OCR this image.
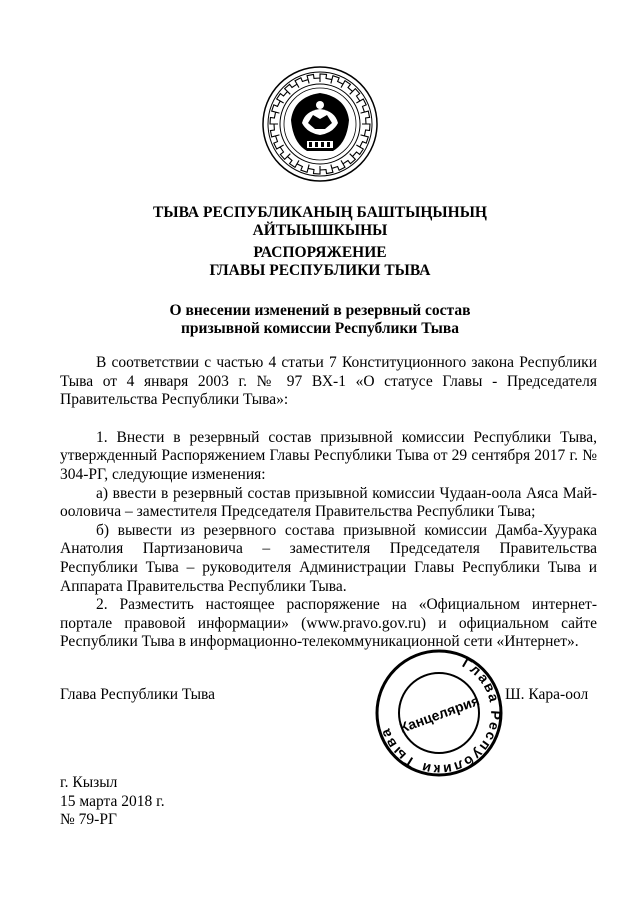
ТЫВА РЕСПУБЛИКАНЫҢ БАШТЫҢЫНЫҢ
АЙТЫЫШКЫНЫ
РАСПОРЯЖЕНИЕ
ГЛАВЫ РЕСПУБЛИКИ ТЫВА
О внесении изменений в резервный состав
призывной комиссии Республики Тыва

В соответствии с частью 4 статьи 7 Конституционного закона Республики Тыва от 4 января 2003 г. № 97 ВХ-1 «О статусе Главы - Председателя Правительства Республики Тыва»:

1. Внести в резервный состав призывной комиссии Республики Тыва, утвержденный Распоряжением Главы Республики Тыва от 29 сентября 2017 г. № 304-РГ, следующие изменения:

а) ввести в резервный состав призывной комиссии Чудаан-оола Аяса Май-ооловича – заместителя Председателя Правительства Республики Тыва;

б) вывести из резервного состава призывной комиссии Дамба-Хуурака Анатолия Партизановича – заместителя Председателя Правительства Республики Тыва – руководителя Администрации Главы Республики Тыва и Аппарата Правительства Республики Тыва.

2. Разместить настоящее распоряжение на «Официальном интернет-портале правовой информации» (www.pravo.gov.ru) и официальном сайте Республики Тыва в информационно-телекоммуникационной сети «Интернет».

Глава Республики Тыва
Глава Республики Тыва Канцелярия Ш. Кара-оол
г. Кызыл
15 марта 2018 г.
№ 79-РГ
